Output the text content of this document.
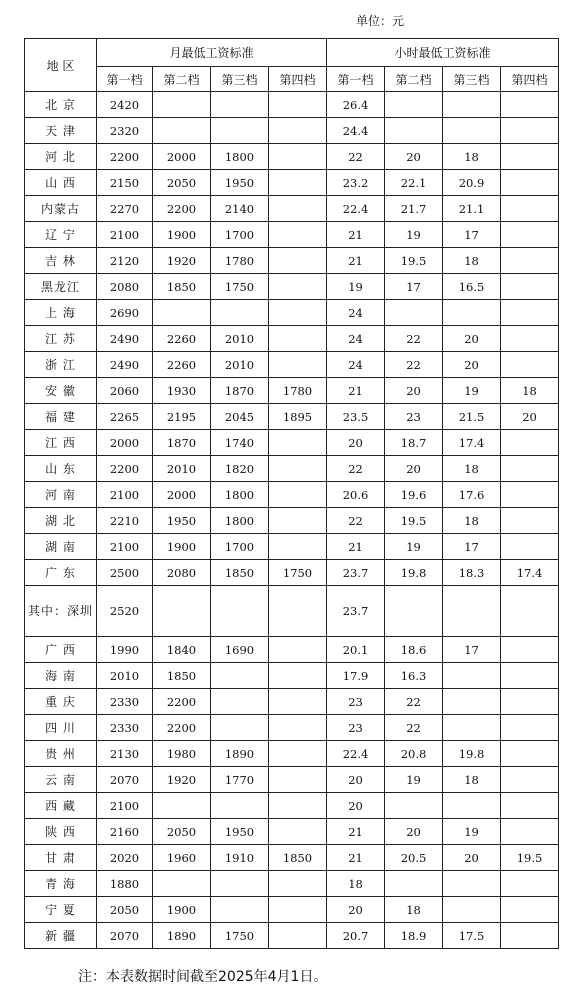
单位：元
地 区	月最低工资标准				小时最低工资标准			
	第一档	第二档	第三档	第四档	第一档	第二档	第三档	第四档
北 京	2420				26.4			
天 津	2320				24.4			
河 北	2200	2000	1800		22	20	18	
山 西	2150	2050	1950		23.2	22.1	20.9	
内蒙古	2270	2200	2140		22.4	21.7	21.1	
辽 宁	2100	1900	1700		21	19	17	
吉 林	2120	1920	1780		21	19.5	18	
黑龙江	2080	1850	1750		19	17	16.5	
上 海	2690				24			
江 苏	2490	2260	2010		24	22	20	
浙 江	2490	2260	2010		24	22	20	
安 徽	2060	1930	1870	1780	21	20	19	18
福 建	2265	2195	2045	1895	23.5	23	21.5	20
江 西	2000	1870	1740		20	18.7	17.4	
山 东	2200	2010	1820		22	20	18	
河 南	2100	2000	1800		20.6	19.6	17.6	
湖 北	2210	1950	1800		22	19.5	18	
湖 南	2100	1900	1700		21	19	17	
广 东	2500	2080	1850	1750	23.7	19.8	18.3	17.4
其中：深圳	2520				23.7			
广 西	1990	1840	1690		20.1	18.6	17	
海 南	2010	1850			17.9	16.3		
重 庆	2330	2200			23	22		
四 川	2330	2200			23	22		
贵 州	2130	1980	1890		22.4	20.8	19.8	
云 南	2070	1920	1770		20	19	18	
西 藏	2100				20			
陕 西	2160	2050	1950		21	20	19	
甘 肃	2020	1960	1910	1850	21	20.5	20	19.5
青 海	1880				18			
宁 夏	2050	1900			20	18		
新 疆	2070	1890	1750		20.7	18.9	17.5	
注：本表数据时间截至2025年4月1日。
